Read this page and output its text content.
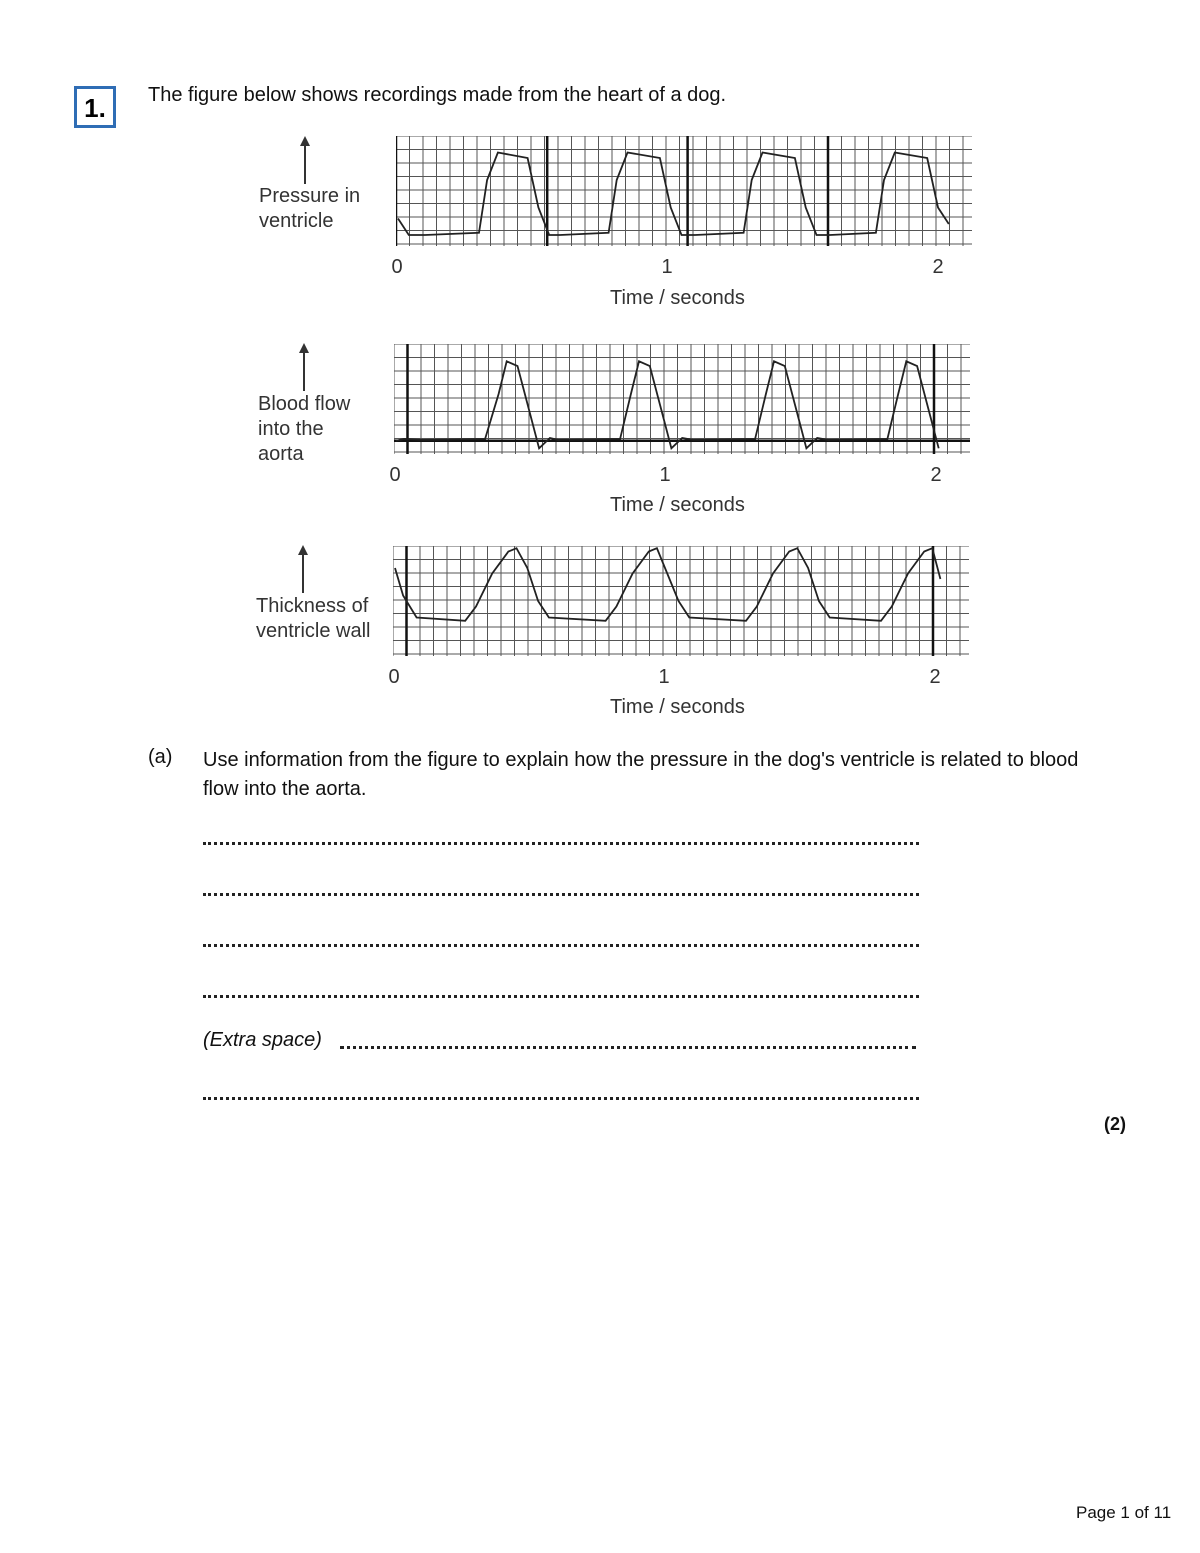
1.	The figure below shows recordings made from the heart of a dog.
Pressure in
ventricle
0	1	2
Time / seconds
Blood flow
into the
aorta
0	1	2
Time / seconds
Thickness of
ventricle wall
0	1	2
Time / seconds
(a) Use information from the figure to explain how the pressure in the dog's ventricle is related to blood flow into the aorta.
(Extra space)
(2)
Page 1 of 11
